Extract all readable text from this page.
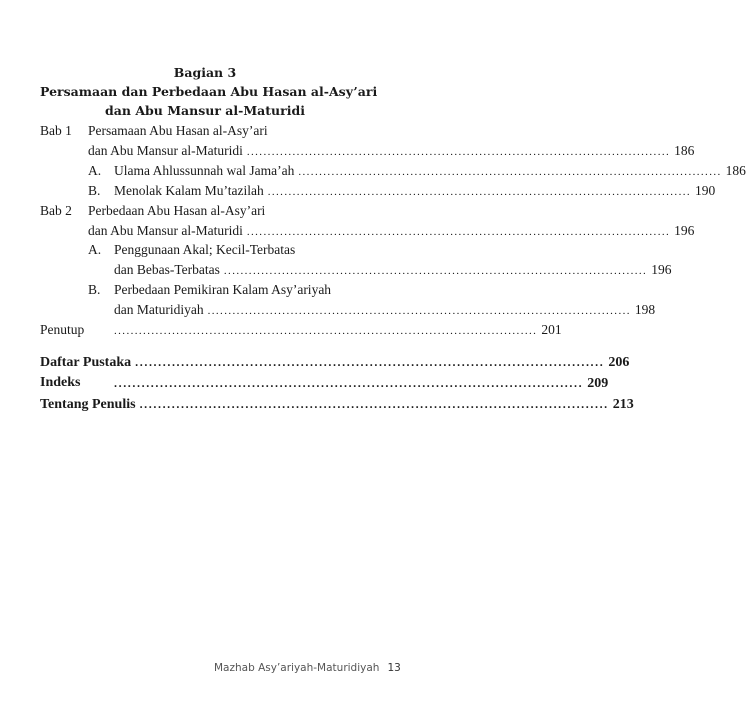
Bagian 3
Persamaan dan Perbedaan Abu Hasan al-Asy’ari
dan Abu Mansur al-Maturidi
Bab 1 Persamaan Abu Hasan al-Asy’ari
dan Abu Mansur al-Maturidi ...................................................................................................... 186
A. Ulama Ahlussunnah wal Jama’ah ...................................................................................................... 186
B. Menolak Kalam Mu’tazilah ...................................................................................................... 190
Bab 2 Perbedaan Abu Hasan al-Asy’ari
dan Abu Mansur al-Maturidi ...................................................................................................... 196
A. Penggunaan Akal; Kecil-Terbatas
dan Bebas-Terbatas ...................................................................................................... 196
B. Perbedaan Pemikiran Kalam Asy’ariyah
dan Maturidiyah ...................................................................................................... 198
Penutup	...................................................................................................... 201
Daftar Pustaka ...................................................................................................... 206
Indeks	...................................................................................................... 209
Tentang Penulis ...................................................................................................... 213
Mazhab Asy’ariyah-Maturidiyah 13
